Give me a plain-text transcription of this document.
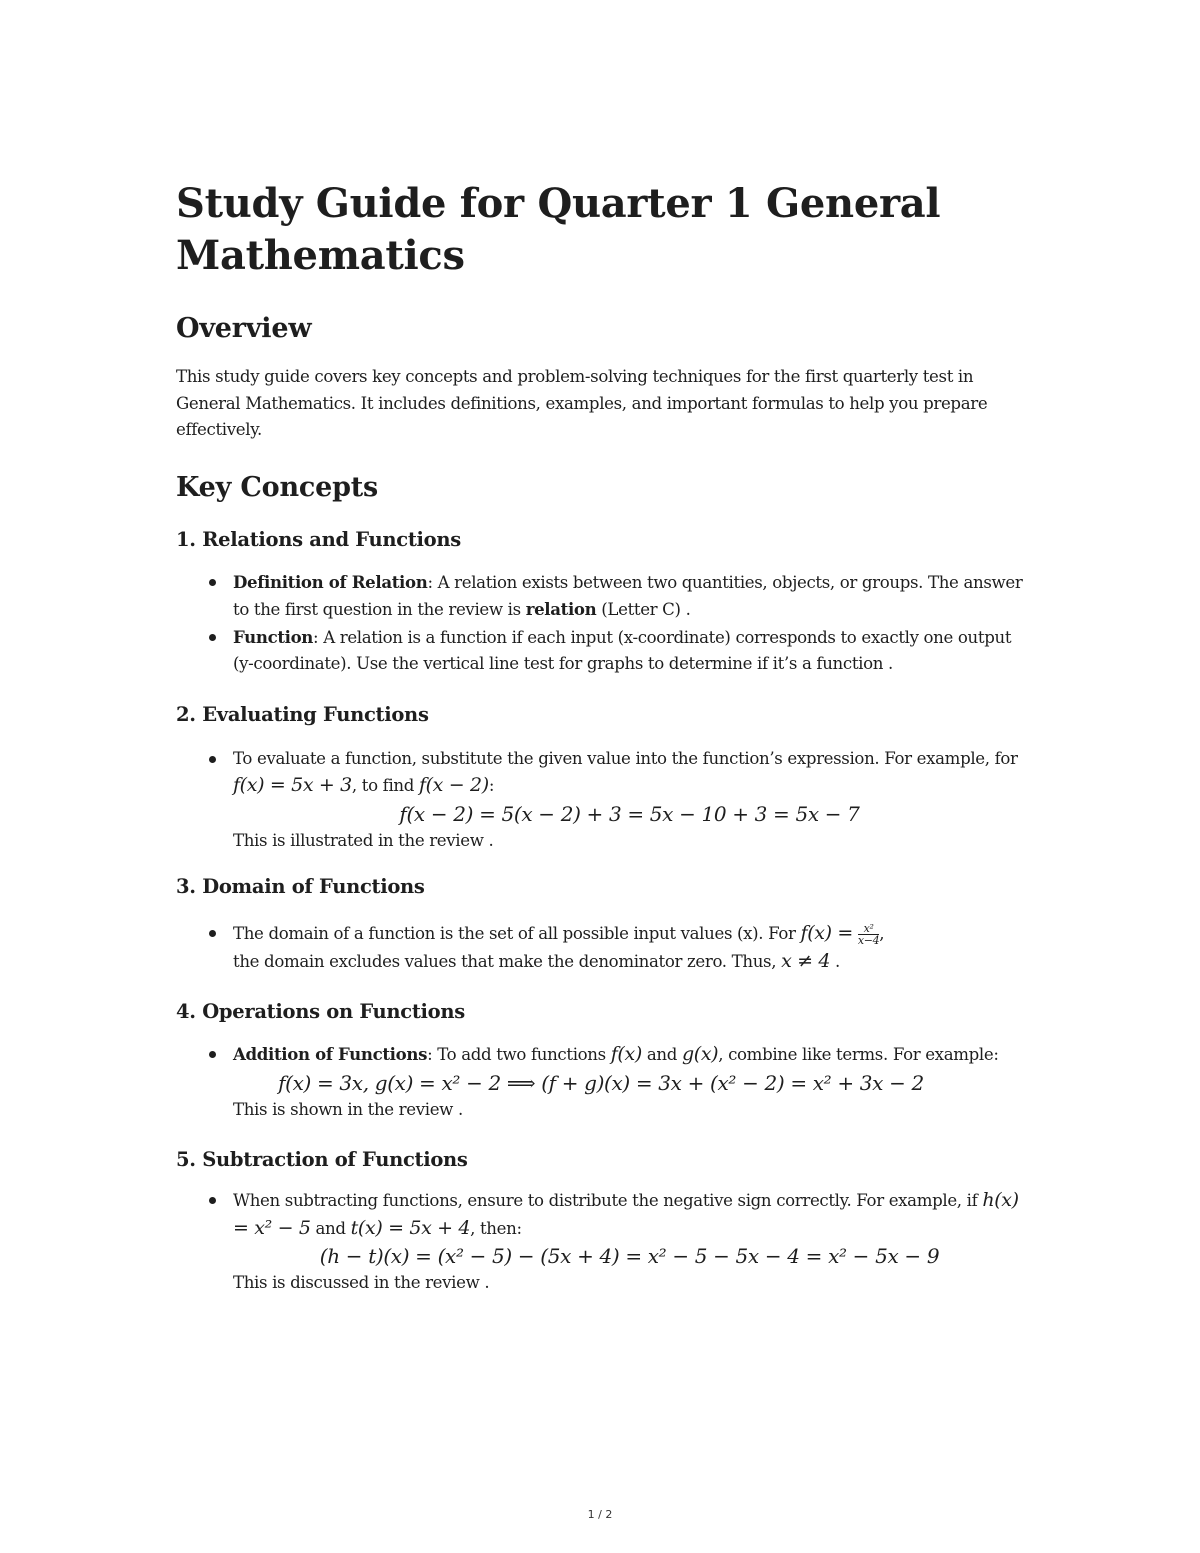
Study Guide for Quarter 1 General Mathematics
Overview

This study guide covers key concepts and problem-solving techniques for the first quarterly test in General Mathematics. It includes definitions, examples, and important formulas to help you prepare effectively.

Key Concepts
1. Relations and Functions
Definition of Relation: A relation exists between two quantities, objects, or groups. The answer to the first question in the review is relation (Letter C) .
Function: A relation is a function if each input (x-coordinate) corresponds to exactly one output (y-coordinate). Use the vertical line test for graphs to determine if it’s a function .
2. Evaluating Functions
To evaluate a function, substitute the given value into the function’s expression. For example, for f(x) = 5x + 3, to find f(x − 2):
f(x − 2) = 5(x − 2) + 3 = 5x − 10 + 3 = 5x − 7
This is illustrated in the review .
3. Domain of Functions
The domain of a function is the set of all possible input values (x). For $f(x) = \frac{\text{x²}}{x-4}$ ,
the domain excludes values that make the denominator zero. Thus, x ≠ 4 .
4. Operations on Functions
Addition of Functions: To add two functions f(x) and g(x), combine like terms. For example:
f(x) = 3x, g(x) = x² − 2 ⟹ (f + g)(x) = 3x + (x² − 2) = x² + 3x − 2
This is shown in the review .
5. Subtraction of Functions
When subtracting functions, ensure to distribute the negative sign correctly. For example, if h(x) = x² − 5 and t(x) = 5x + 4, then:
(h − t)(x) = (x² − 5) − (5x + 4) = x² − 5 − 5x − 4 = x² − 5x − 9
This is discussed in the review .
1 / 2
